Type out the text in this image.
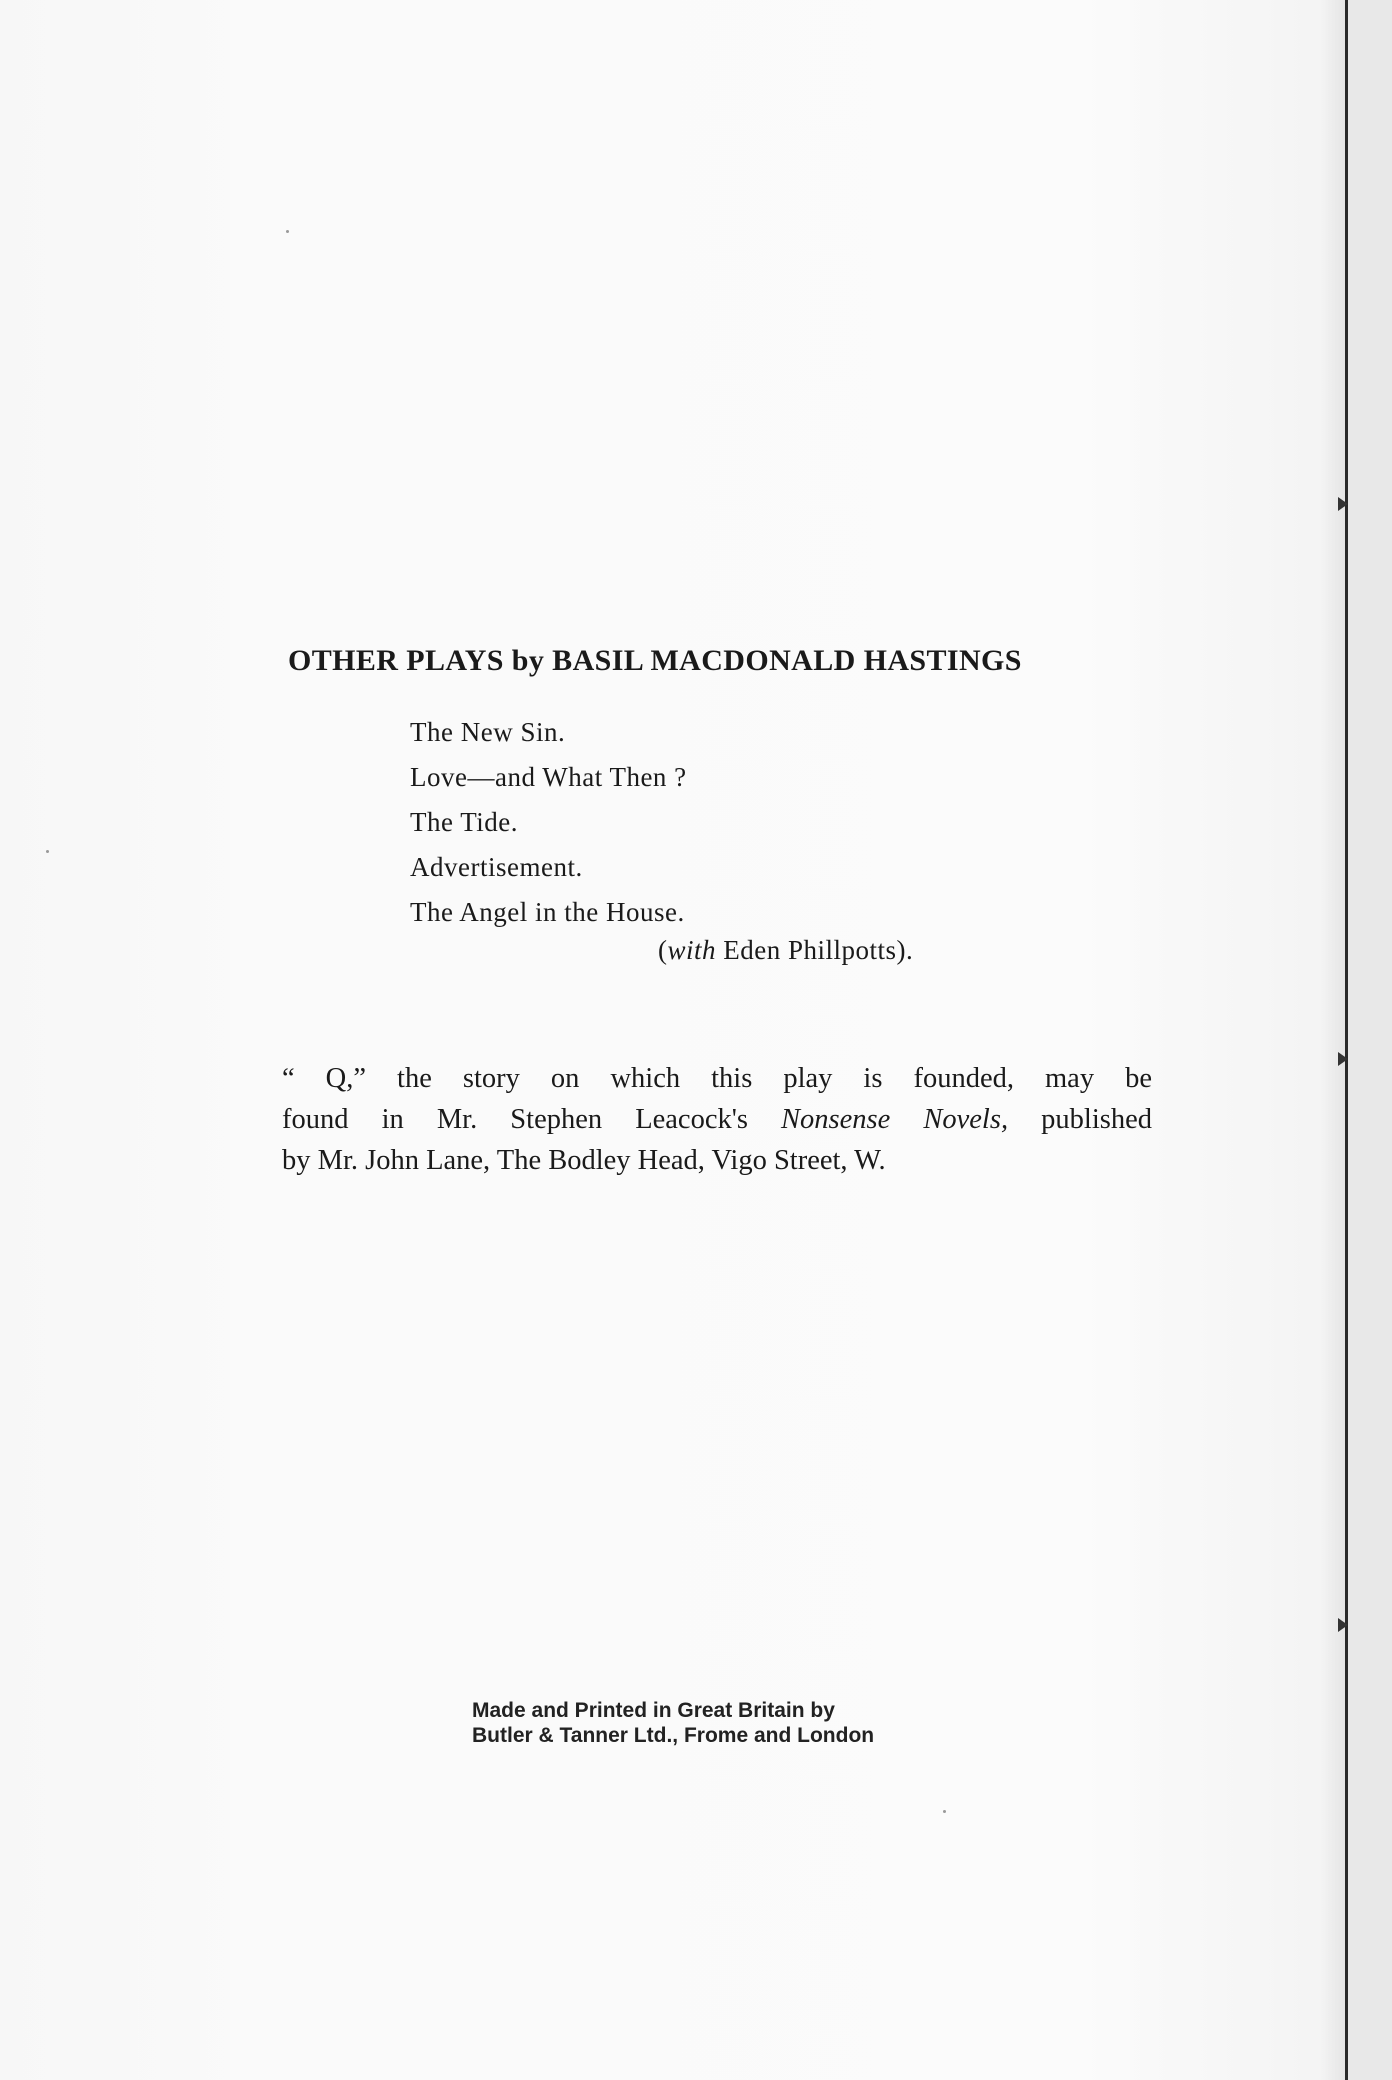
OTHER PLAYS by BASIL MACDONALD HASTINGS
The New Sin.
Love—and What Then ?
The Tide.
Advertisement.
The Angel in the House.
(with Eden Phillpotts).

“ Q,” the story on which this play is founded, may be
found in Mr. Stephen Leacock's Nonsense Novels, published
by Mr. John Lane, The Bodley Head, Vigo Street, W.

Made and Printed in Great Britain by
Butler & Tanner Ltd., Frome and London
